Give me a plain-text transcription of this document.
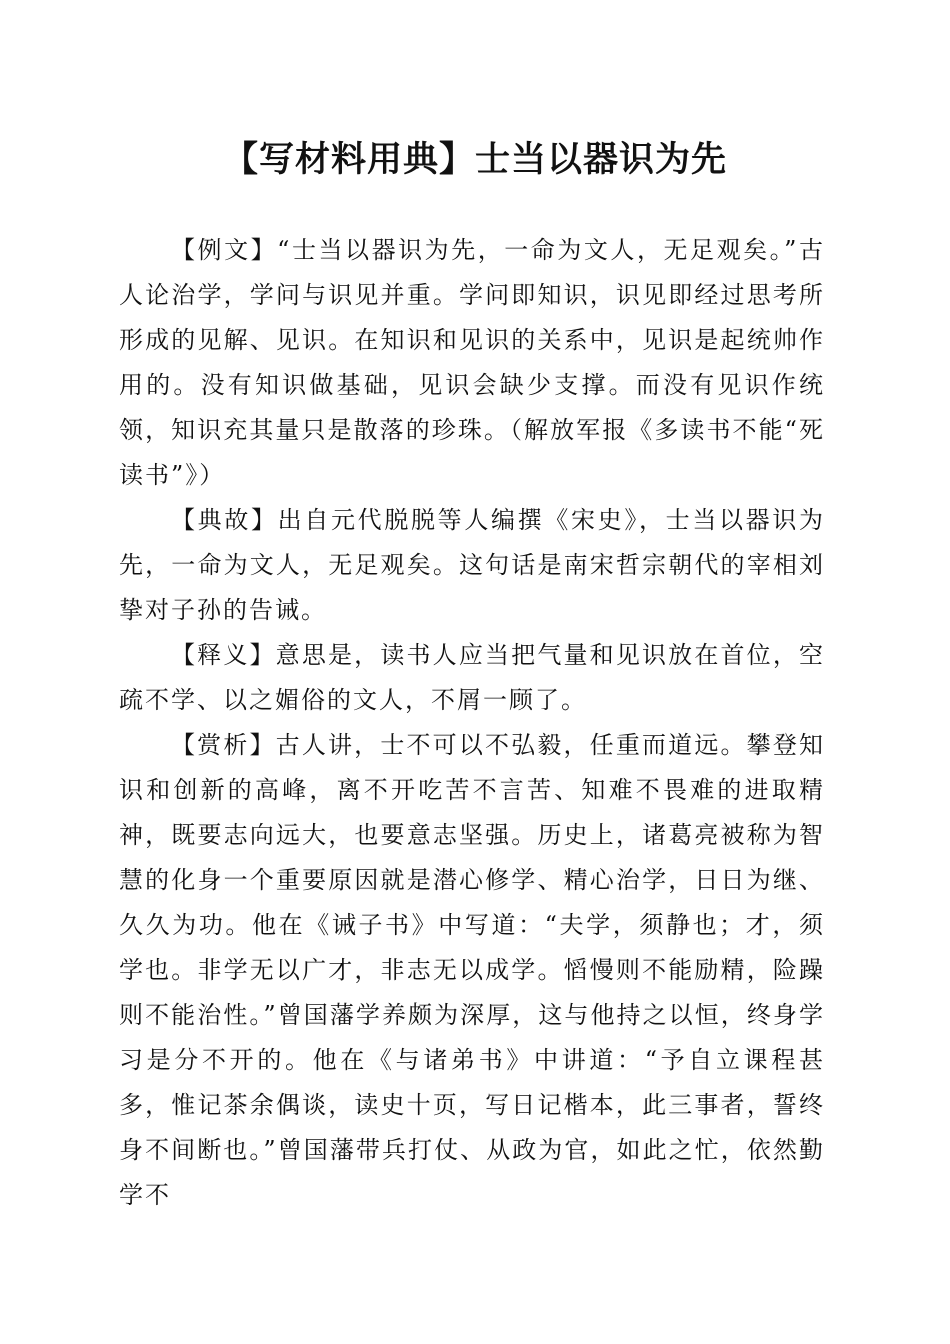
【写材料用典】士当以器识为先

【例文】“士当以器识为先，一命为文人，无足观矣。”古人论治学，学问与识见并重。学问即知识，识见即经过思考所形成的见解、见识。在知识和见识的关系中，见识是起统帅作用的。没有知识做基础，见识会缺少支撑。而没有见识作统领，知识充其量只是散落的珍珠。（解放军报《多读书不能“死读书”》）

【典故】出自元代脱脱等人编撰《宋史》，士当以器识为先，一命为文人，无足观矣。这句话是南宋哲宗朝代的宰相刘挚对子孙的告诫。

【释义】意思是，读书人应当把气量和见识放在首位，空疏不学、以之媚俗的文人，不屑一顾了。

【赏析】古人讲，士不可以不弘毅，任重而道远。攀登知识和创新的高峰，离不开吃苦不言苦、知难不畏难的进取精神，既要志向远大，也要意志坚强。历史上，诸葛亮被称为智慧的化身一个重要原因就是潜心修学、精心治学，日日为继、久久为功。他在《诫子书》中写道：“夫学，须静也；才，须学也。非学无以广才，非志无以成学。慆慢则不能励精，险躁则不能治性。”曾国藩学养颇为深厚，这与他持之以恒，终身学习是分不开的。他在《与诸弟书》中讲道：“予自立课程甚多，惟记茶余偶谈，读史十页，写日记楷本，此三事者，誓终身不间断也。”曾国藩带兵打仗、从政为官，如此之忙，依然勤学不
